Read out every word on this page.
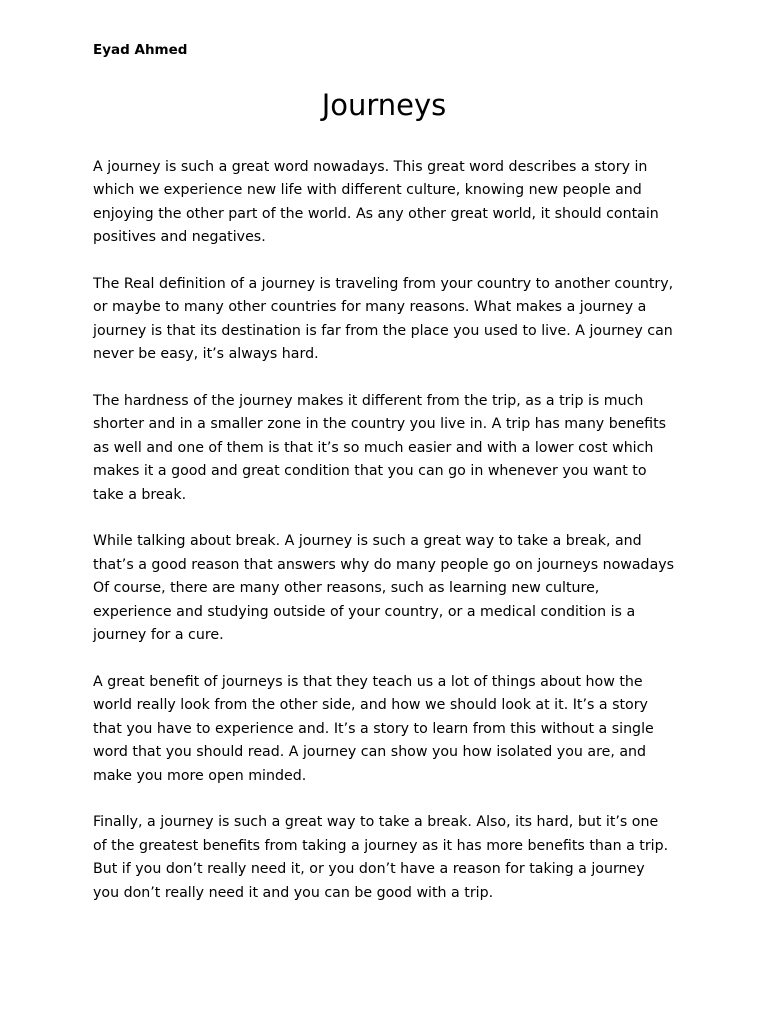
Eyad Ahmed
Journeys

A journey is such a great word nowadays. This great word describes a story in
which we experience new life with different culture, knowing new people and
enjoying the other part of the world. As any other great world, it should contain
positives and negatives.

The Real definition of a journey is traveling from your country to another country,
or maybe to many other countries for many reasons. What makes a journey a
journey is that its destination is far from the place you used to live. A journey can
never be easy, it’s always hard.

The hardness of the journey makes it different from the trip, as a trip is much
shorter and in a smaller zone in the country you live in. A trip has many benefits
as well and one of them is that it’s so much easier and with a lower cost which
makes it a good and great condition that you can go in whenever you want to
take a break.

While talking about break. A journey is such a great way to take a break, and
that’s a good reason that answers why do many people go on journeys nowadays
Of course, there are many other reasons, such as learning new culture,
experience and studying outside of your country, or a medical condition is a
journey for a cure.

A great benefit of journeys is that they teach us a lot of things about how the
world really look from the other side, and how we should look at it. It’s a story
that you have to experience and. It’s a story to learn from this without a single
word that you should read. A journey can show you how isolated you are, and
make you more open minded.

Finally, a journey is such a great way to take a break. Also, its hard, but it’s one
of the greatest benefits from taking a journey as it has more benefits than a trip.
But if you don’t really need it, or you don’t have a reason for taking a journey
you don’t really need it and you can be good with a trip.
